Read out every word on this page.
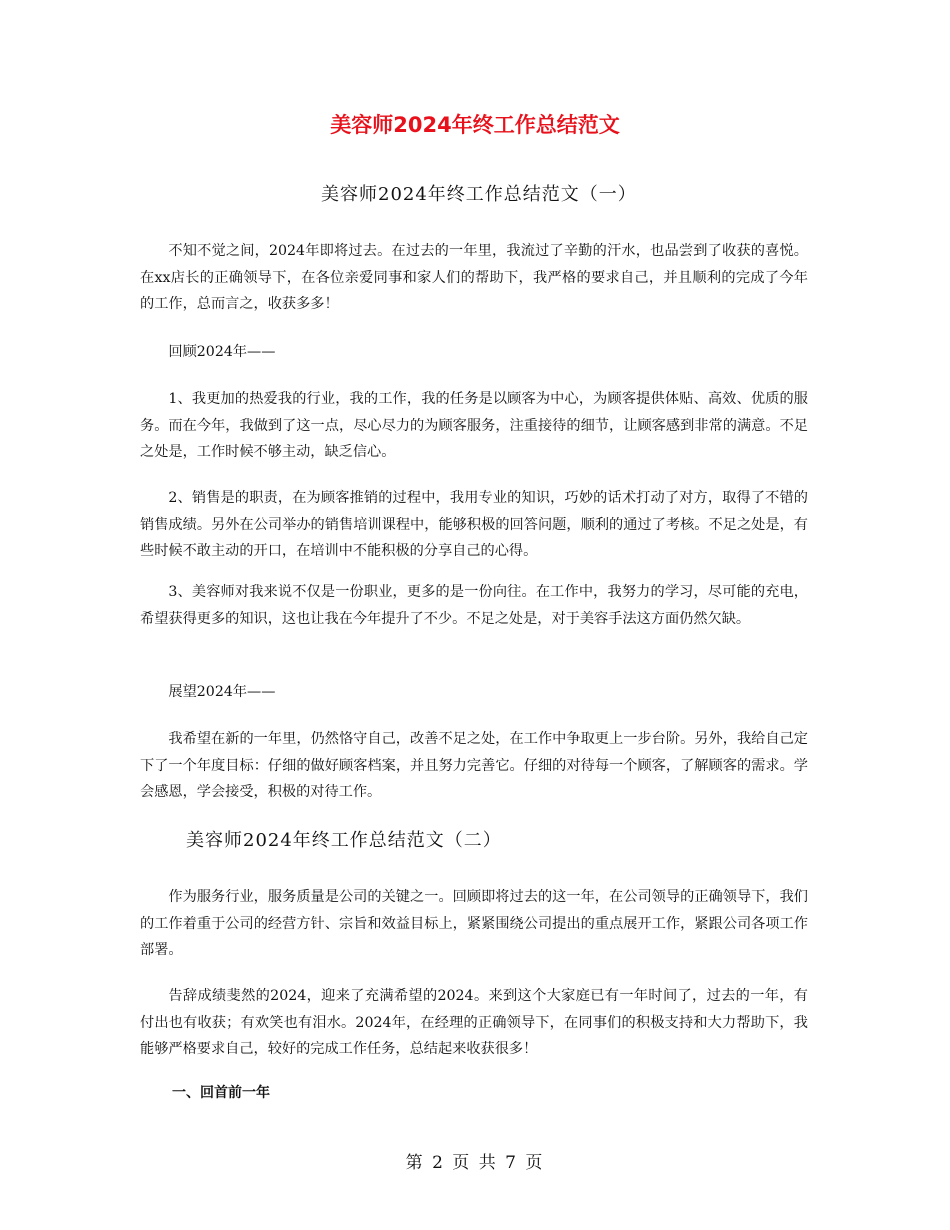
美容师2024年终工作总结范文
美容师2024年终工作总结范文（一）

不知不觉之间，2024年即将过去。在过去的一年里，我流过了辛勤的汗水，也品尝到了收获的喜悦。在xx店长的正确领导下，在各位亲爱同事和家人们的帮助下，我严格的要求自己，并且顺利的完成了今年的工作，总而言之，收获多多！

回顾2024年——

1、我更加的热爱我的行业，我的工作，我的任务是以顾客为中心，为顾客提供体贴、高效、优质的服务。而在今年，我做到了这一点，尽心尽力的为顾客服务，注重接待的细节，让顾客感到非常的满意。不足之处是，工作时候不够主动，缺乏信心。

2、销售是的职责，在为顾客推销的过程中，我用专业的知识，巧妙的话术打动了对方，取得了不错的销售成绩。另外在公司举办的销售培训课程中，能够积极的回答问题，顺利的通过了考核。不足之处是，有些时候不敢主动的开口，在培训中不能积极的分享自己的心得。

3、美容师对我来说不仅是一份职业，更多的是一份向往。在工作中，我努力的学习，尽可能的充电，希望获得更多的知识，这也让我在今年提升了不少。不足之处是，对于美容手法这方面仍然欠缺。

展望2024年——

我希望在新的一年里，仍然恪守自己，改善不足之处，在工作中争取更上一步台阶。另外，我给自己定下了一个年度目标：仔细的做好顾客档案，并且努力完善它。仔细的对待每一个顾客，了解顾客的需求。学会感恩，学会接受，积极的对待工作。

美容师2024年终工作总结范文（二）

作为服务行业，服务质量是公司的关键之一。回顾即将过去的这一年，在公司领导的正确领导下，我们的工作着重于公司的经营方针、宗旨和效益目标上，紧紧围绕公司提出的重点展开工作，紧跟公司各项工作部署。

告辞成绩斐然的2024，迎来了充满希望的2024。来到这个大家庭已有一年时间了，过去的一年，有付出也有收获；有欢笑也有泪水。2024年，在经理的正确领导下，在同事们的积极支持和大力帮助下，我能够严格要求自己，较好的完成工作任务，总结起来收获很多！

一、回首前一年

第 2 页 共 7 页
